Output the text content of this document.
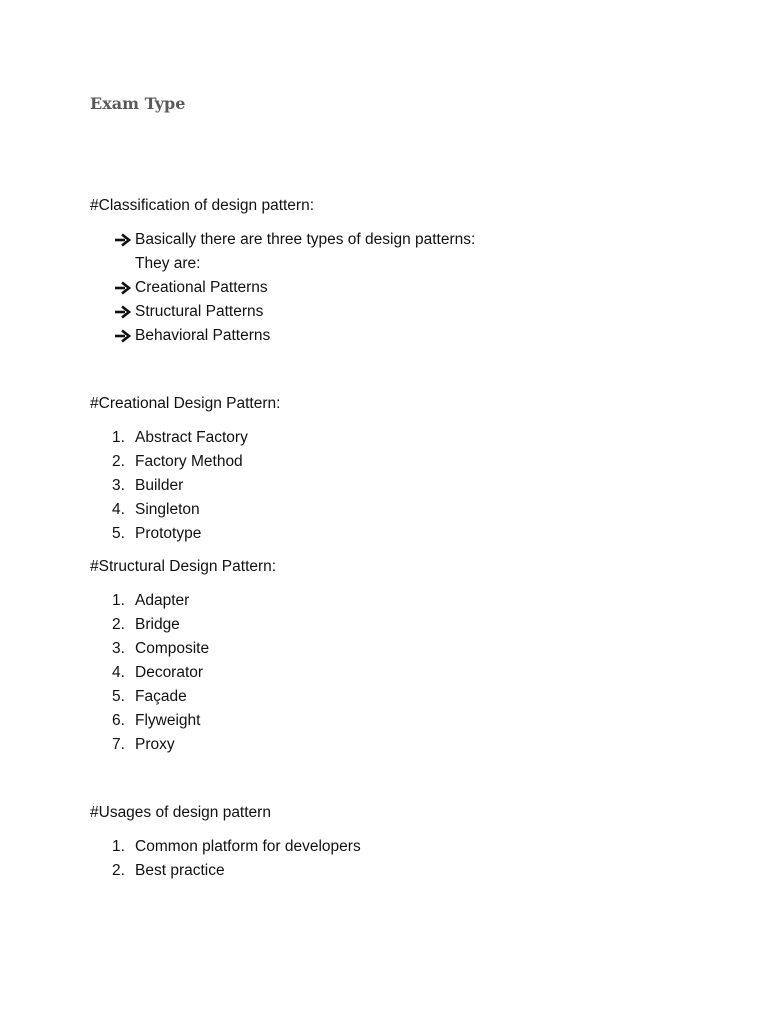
Exam Type

#Classification of design pattern:

Basically there are three types of design patterns:
They are:
Creational Patterns
Structural Patterns
Behavioral Patterns

#Creational Design Pattern:

1. Abstract Factory
2. Factory Method
3. Builder
4. Singleton
5. Prototype

#Structural Design Pattern:

1. Adapter
2. Bridge
3. Composite
4. Decorator
5. Façade
6. Flyweight
7. Proxy

#Usages of design pattern

1. Common platform for developers
2. Best practice
